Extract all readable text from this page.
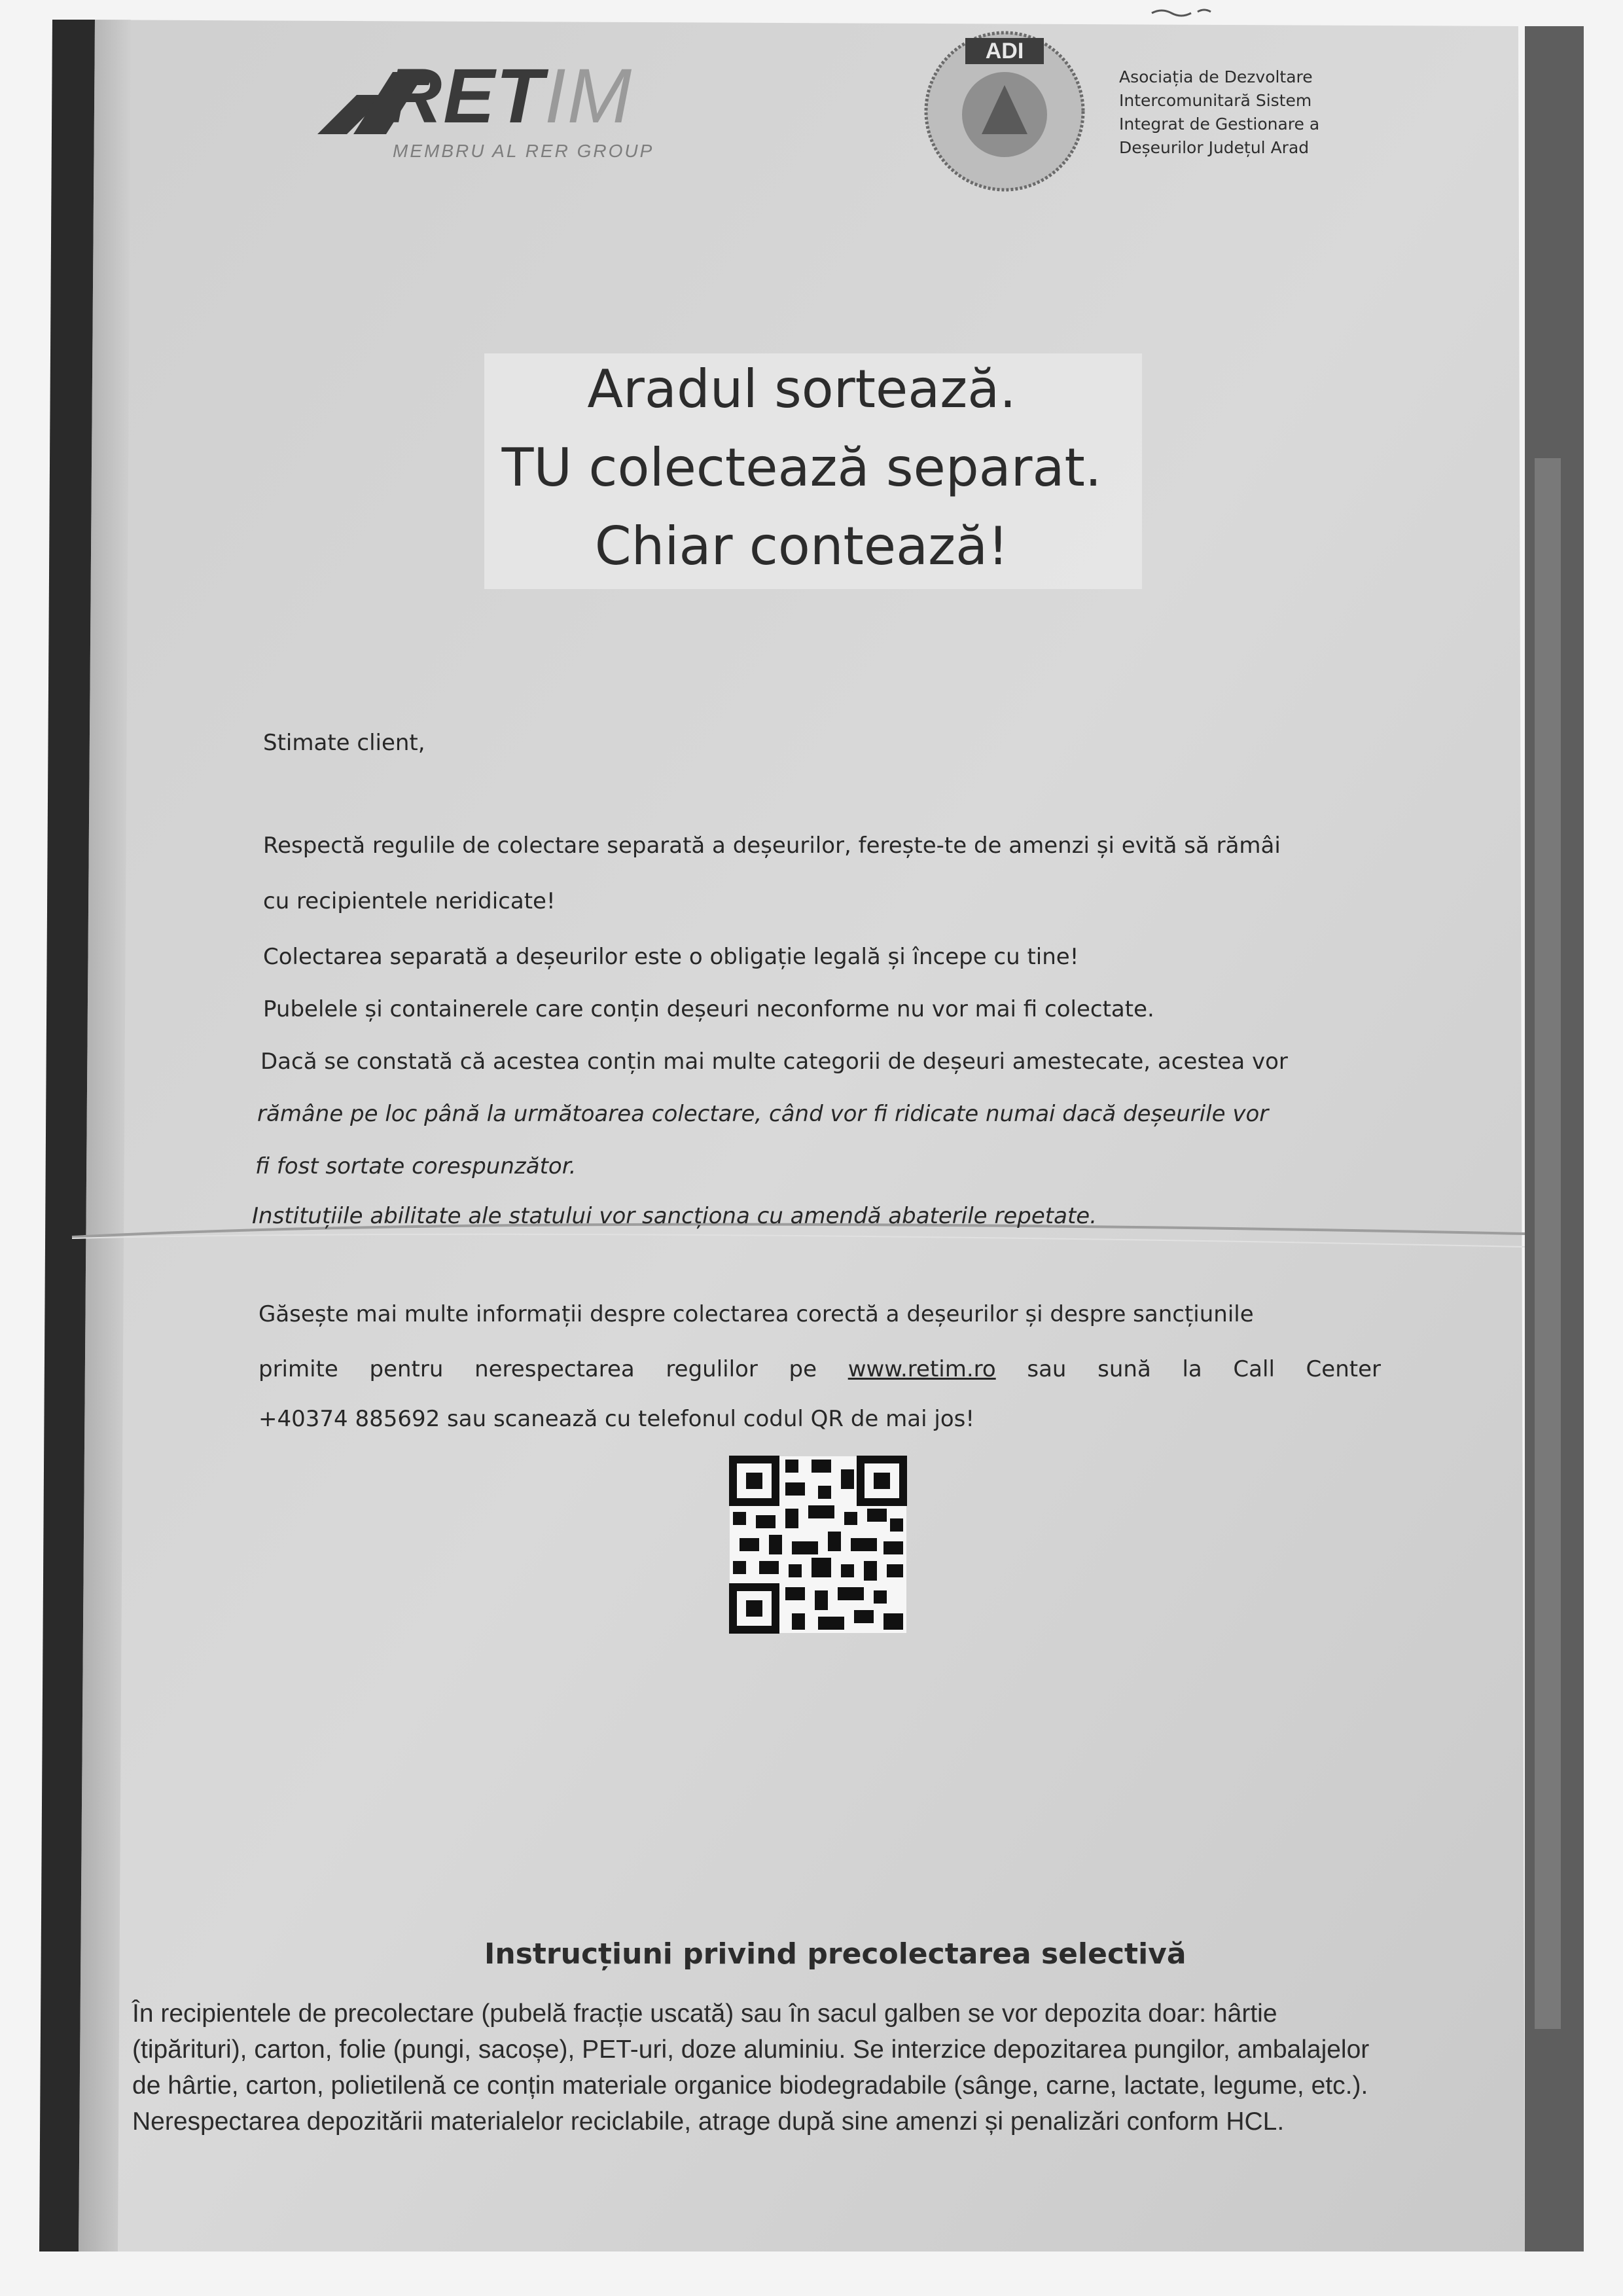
RETIM
MEMBRU AL RER GROUP
ADI
Asociația de Dezvoltare
Intercomunitară Sistem
Integrat de Gestionare a
Deșeurilor Județul Arad
Aradul sortează.
TU colectează separat.
Chiar contează!
Stimate client,
Respectă regulile de colectare separată a deșeurilor, ferește-te de amenzi și evită să rămâi
cu recipientele neridicate!
Colectarea separată a deșeurilor este o obligație legală și începe cu tine!
Pubelele și containerele care conțin deșeuri neconforme nu vor mai fi colectate.
Dacă se constată că acestea conțin mai multe categorii de deșeuri amestecate, acestea vor
rămâne pe loc până la următoarea colectare, când vor fi ridicate numai dacă deșeurile vor
fi fost sortate corespunzător.
Instituțiile abilitate ale statului vor sancționa cu amendă abaterile repetate.
Găsește mai multe informații despre colectarea corectă a deșeurilor și despre sancțiunile
primite pentru nerespectarea regulilor pe www.retim.ro sau sună la Call Center
+40374 885692 sau scanează cu telefonul codul QR de mai jos!
Instrucțiuni privind precolectarea selectivă
În recipientele de precolectare (pubelă fracție uscată) sau în sacul galben se vor depozita doar: hârtie
(tipărituri), carton, folie (pungi, sacoșe), PET-uri, doze aluminiu. Se interzice depozitarea pungilor, ambalajelor
de hârtie, carton, polietilenă ce conțin materiale organice biodegradabile (sânge, carne, lactate, legume, etc.).
Nerespectarea depozitării materialelor reciclabile, atrage după sine amenzi și penalizări conform HCL.
